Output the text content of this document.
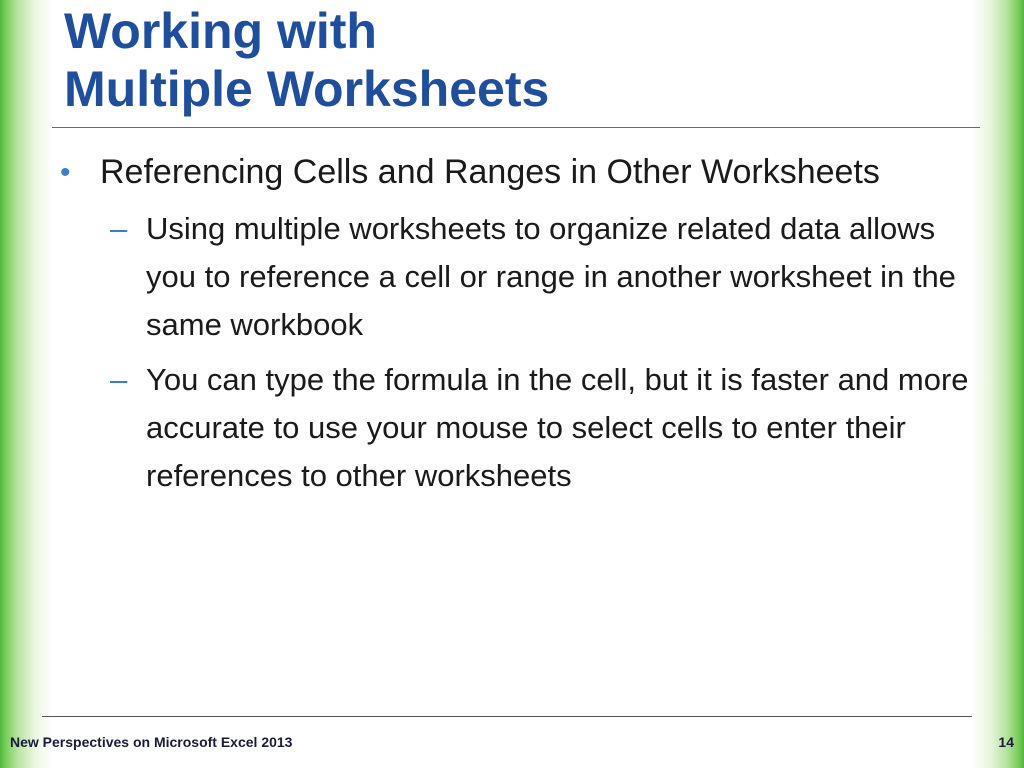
Working with
Multiple Worksheets
• Referencing Cells and Ranges in Other Worksheets
– Using multiple worksheets to organize related data allows you to reference a cell or range in another worksheet in the same workbook
– You can type the formula in the cell, but it is faster and more accurate to use your mouse to select cells to enter their references to other worksheets
New Perspectives on Microsoft Excel 2013	14
